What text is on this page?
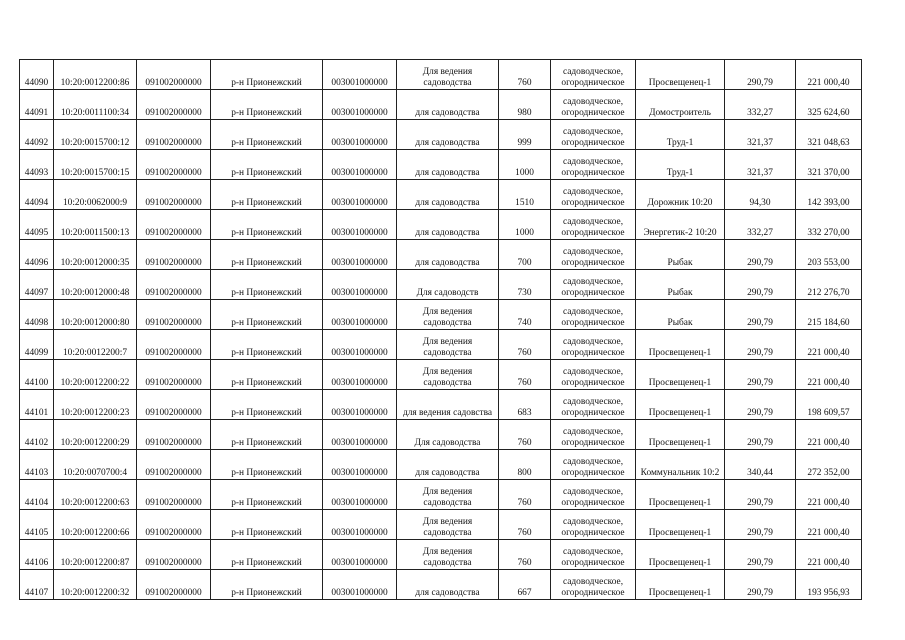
44090	10:20:0012200:86	091002000000	р-н Прионежский	003001000000	Для ведения садоводства	760	садоводческое, огородническое	Просвещенец-1	290,79	221 000,40
44091	10:20:0011100:34	091002000000	р-н Прионежский	003001000000	для садоводства	980	садоводческое, огородническое	Домостроитель	332,27	325 624,60
44092	10:20:0015700:12	091002000000	р-н Прионежский	003001000000	для садоводства	999	садоводческое, огородническое	Труд-1	321,37	321 048,63
44093	10:20:0015700:15	091002000000	р-н Прионежский	003001000000	для садоводства	1000	садоводческое, огородническое	Труд-1	321,37	321 370,00
44094	10:20:0062000:9	091002000000	р-н Прионежский	003001000000	для садоводства	1510	садоводческое, огородническое	Дорожник 10:20	94,30	142 393,00
44095	10:20:0011500:13	091002000000	р-н Прионежский	003001000000	для садоводства	1000	садоводческое, огородническое	Энергетик-2 10:20	332,27	332 270,00
44096	10:20:0012000:35	091002000000	р-н Прионежский	003001000000	для садоводства	700	садоводческое, огородническое	Рыбак	290,79	203 553,00
44097	10:20:0012000:48	091002000000	р-н Прионежский	003001000000	Для садоводств	730	садоводческое, огородническое	Рыбак	290,79	212 276,70
44098	10:20:0012000:80	091002000000	р-н Прионежский	003001000000	Для ведения садоводства	740	садоводческое, огородническое	Рыбак	290,79	215 184,60
44099	10:20:0012200:7	091002000000	р-н Прионежский	003001000000	Для ведения садоводства	760	садоводческое, огородническое	Просвещенец-1	290,79	221 000,40
44100	10:20:0012200:22	091002000000	р-н Прионежский	003001000000	Для ведения садоводства	760	садоводческое, огородническое	Просвещенец-1	290,79	221 000,40
44101	10:20:0012200:23	091002000000	р-н Прионежский	003001000000	для ведения садовства	683	садоводческое, огородническое	Просвещенец-1	290,79	198 609,57
44102	10:20:0012200:29	091002000000	р-н Прионежский	003001000000	Для садоводства	760	садоводческое, огородническое	Просвещенец-1	290,79	221 000,40
44103	10:20:0070700:4	091002000000	р-н Прионежский	003001000000	для садоводства	800	садоводческое, огородническое	Коммунальник 10:2	340,44	272 352,00
44104	10:20:0012200:63	091002000000	р-н Прионежский	003001000000	Для ведения садоводства	760	садоводческое, огородническое	Просвещенец-1	290,79	221 000,40
44105	10:20:0012200:66	091002000000	р-н Прионежский	003001000000	Для ведения садоводства	760	садоводческое, огородническое	Просвещенец-1	290,79	221 000,40
44106	10:20:0012200:87	091002000000	р-н Прионежский	003001000000	Для ведения садоводства	760	садоводческое, огородническое	Просвещенец-1	290,79	221 000,40
44107	10:20:0012200:32	091002000000	р-н Прионежский	003001000000	для садоводства	667	садоводческое, огородническое	Просвещенец-1	290,79	193 956,93
